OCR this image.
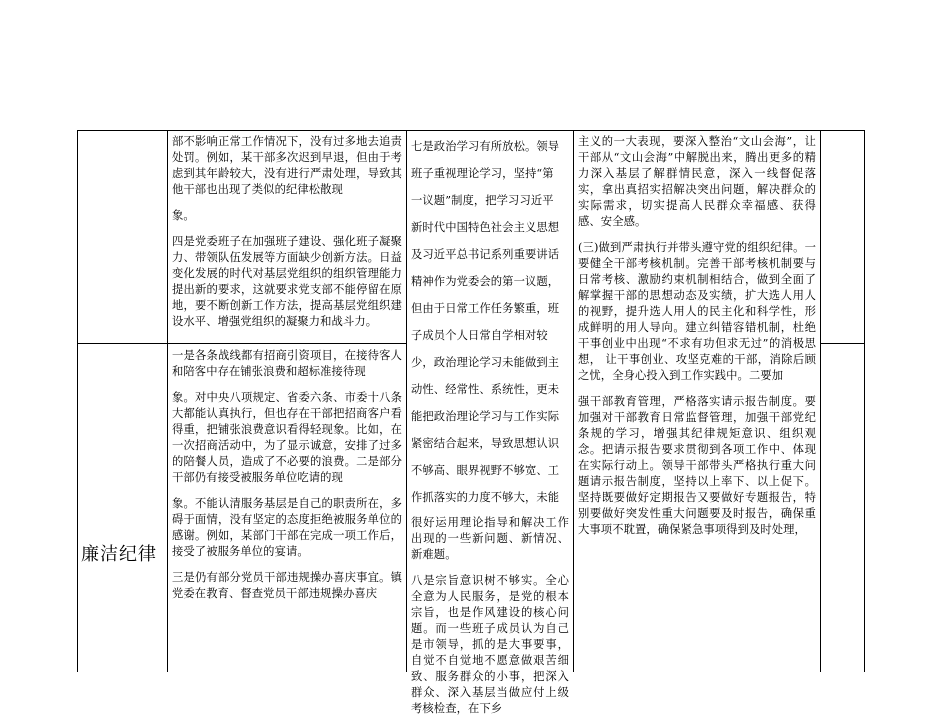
廉洁纪律

部不影响正常工作情况下，没有过多地去追责处罚。例如，某干部多次迟到早退，但由于考虑到其年龄较大，没有进行严肃处理，导致其他干部也出现了类似的纪律松散现

象。

四是党委班子在加强班子建设、强化班子凝聚力、带领队伍发展等方面缺少创新方法。日益变化发展的时代对基层党组织的组织管理能力提出新的要求，这就要求党支部不能停留在原地，要不断创新工作方法，提高基层党组织建设水平、增强党组织的凝聚力和战斗力。

一是各条战线都有招商引资项目，在接待客人和陪客中存在铺张浪费和超标准接待现

象。对中央八项规定、省委六条、市委十八条大都能认真执行，但也存在干部把招商客户看得重，把铺张浪费意识看得轻现象。比如，在一次招商活动中，为了显示诚意，安排了过多的陪餐人员，造成了不必要的浪费。二是部分干部仍有接受被服务单位吃请的现

象。不能认清服务基层是自己的职责所在，多碍于面情，没有坚定的态度拒绝被服务单位的感谢。例如，某部门干部在完成一项工作后，接受了被服务单位的宴请。

三是仍有部分党员干部违规操办喜庆事宜。镇党委在教育、督查党员干部违规操办喜庆

七是政治学习有所放松。领导

班子重视理论学习，坚持“第

一议题”制度，把学习习近平

新时代中国特色社会主义思想

及习近平总书记系列重要讲话

精神作为党委会的第一议题，

但由于日常工作任务繁重，班

子成员个人日常自学相对较

少，政治理论学习未能做到主

动性、经常性、系统性，更未

能把政治理论学习与工作实际

紧密结合起来，导致思想认识

不够高、眼界视野不够宽、工

作抓落实的力度不够大，未能

很好运用理论指导和解决工作出现的一些新问题、新情况、新难题。

八是宗旨意识树不够实。全心全意为人民服务，是党的根本宗旨，也是作风建设的核心问题。而一些班子成员认为自己是市领导，抓的是大事要事， 自觉不自觉地不愿意做艰苦细 致、服务群众的小事，把深入 群众、深入基层当做应付上级 考核检查，在下乡

主义的一大表现，要深入整治“文山会海”，让干部从“文山会海”中解脱出来，腾出更多的精力深入基层了解群情民意，深入一线督促落实，拿出真招实招解决突出问题，解决群众的实际需求，切实提高人民群众幸福感、获得感、安全感。

(三)做到严肃执行并带头遵守党的组织纪律。一要健全干部考核机制。完善干部考核机制要与日常考核、激励约束机制相结合，做到全面了解掌握干部的思想动态及实绩，扩大选人用人的视野，提升选人用人的民主化和科学性，形成鲜明的用人导向。建立纠错容错机制，杜绝干事创业中出现“不求有功但求无过”的消极思想， 让干事创业、攻坚克难的干部，消除后顾 之忧，全身心投入到工作实践中。二要加

强干部教育管理，严格落实请示报告制度。要加强对干部教育日常监督管理，加强干部党纪条规的学习，增强其纪律规矩意识、组织观念。把请示报告要求贯彻到各项工作中、体现在实际行动上。领导干部带头严格执行重大问题请示报告制度，坚持以上率下、以上促下。坚持既要做好定期报告又要做好专题报告，特别要做好突发性重大问题要及时报告，确保重大事项不耽置，确保紧急事项得到及时处理，
